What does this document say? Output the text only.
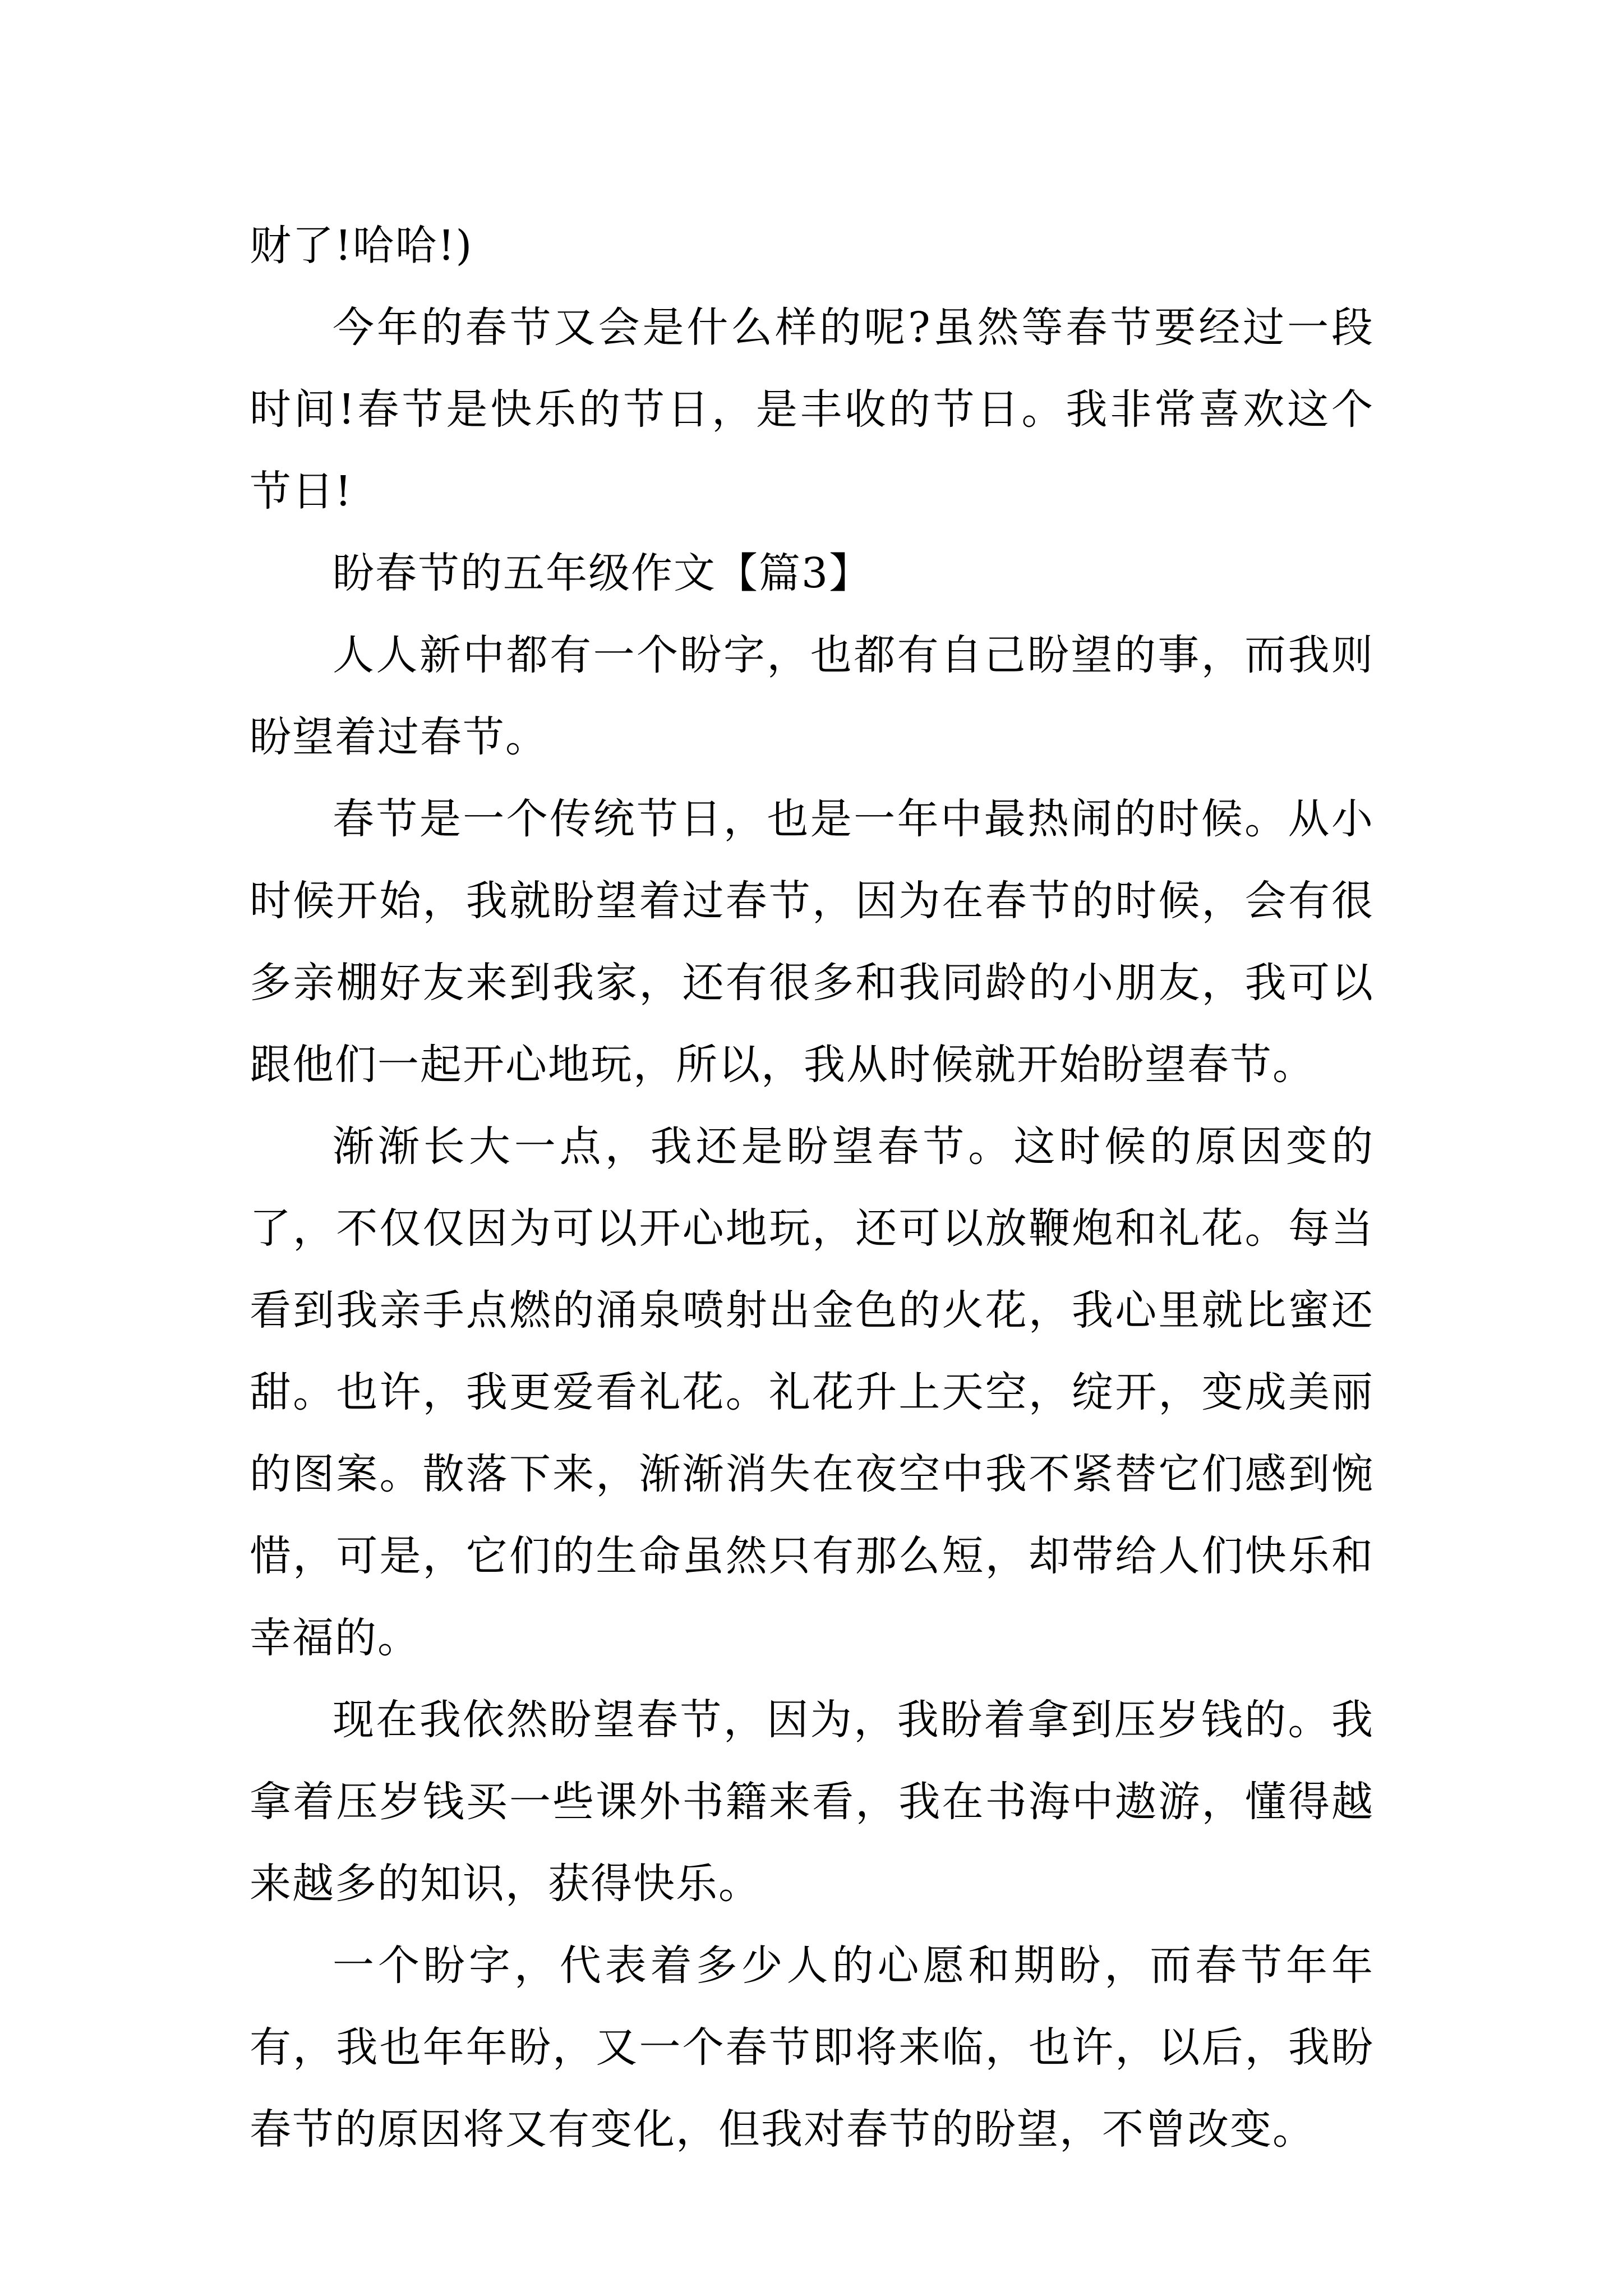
财了!哈哈!)

今年的春节又会是什么样的呢?虽然等春节要经过一段时间!春节是快乐的节日，是丰收的节日。我非常喜欢这个节日!

盼春节的五年级作文【篇3】

人人新中都有一个盼字，也都有自己盼望的事，而我则盼望着过春节。

春节是一个传统节日，也是一年中最热闹的时候。从小时候开始，我就盼望着过春节，因为在春节的时候，会有很多亲棚好友来到我家，还有很多和我同龄的小朋友，我可以跟他们一起开心地玩，所以，我从时候就开始盼望春节。

渐渐长大一点，我还是盼望春节。这时候的原因变的了，不仅仅因为可以开心地玩，还可以放鞭炮和礼花。每当看到我亲手点燃的涌泉喷射出金色的火花，我心里就比蜜还甜。也许，我更爱看礼花。礼花升上天空，绽开，变成美丽的图案。散落下来，渐渐消失在夜空中我不紧替它们感到惋惜，可是，它们的生命虽然只有那么短，却带给人们快乐和幸福的。

现在我依然盼望春节，因为，我盼着拿到压岁钱的。我拿着压岁钱买一些课外书籍来看，我在书海中遨游，懂得越来越多的知识，获得快乐。

一个盼字，代表着多少人的心愿和期盼，而春节年年有，我也年年盼，又一个春节即将来临，也许，以后，我盼春节的原因将又有变化，但我对春节的盼望，不曾改变。
